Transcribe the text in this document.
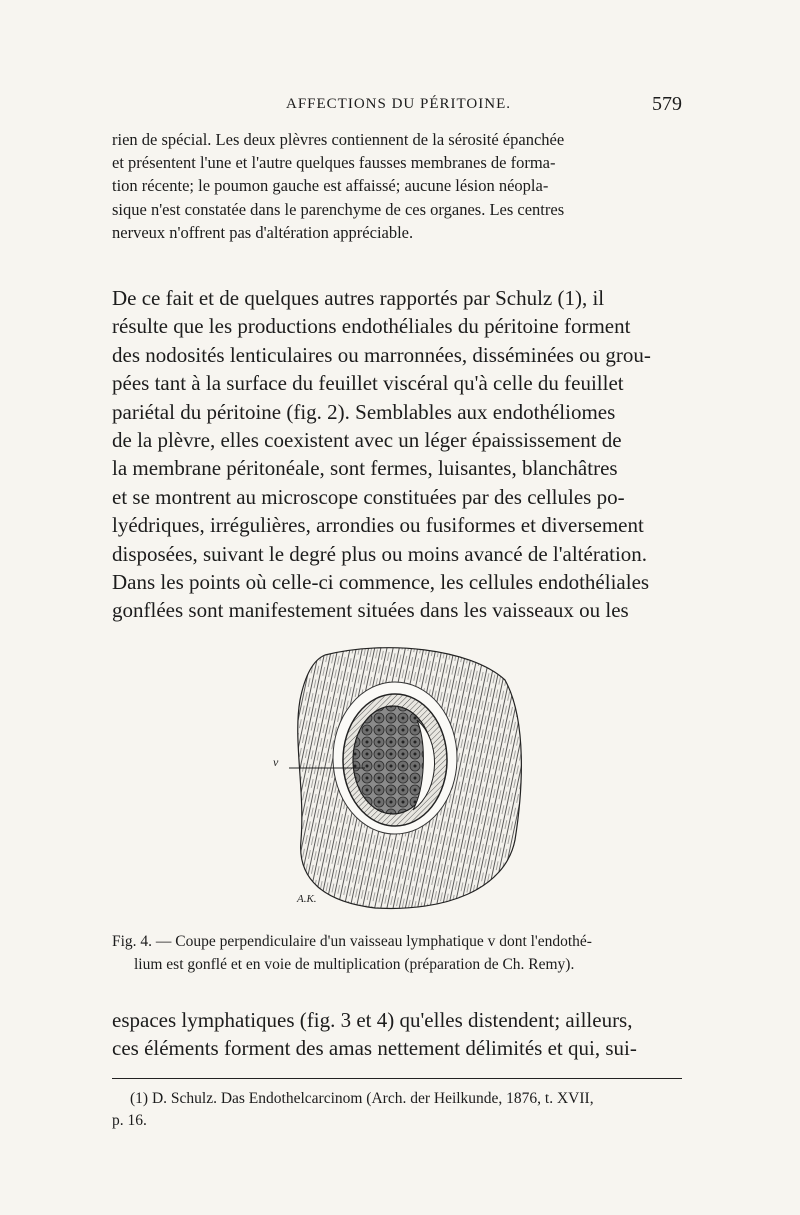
AFFECTIONS DU PÉRITOINE.	579
rien de spécial. Les deux plèvres contiennent de la sérosité épanchée
et présentent l'une et l'autre quelques fausses membranes de forma-
tion récente; le poumon gauche est affaissé; aucune lésion néopla-
sique n'est constatée dans le parenchyme de ces organes. Les centres
nerveux n'offrent pas d'altération appréciable.
De ce fait et de quelques autres rapportés par Schulz (1), il
résulte que les productions endothéliales du péritoine forment
des nodosités lenticulaires ou marronnées, disséminées ou grou-
pées tant à la surface du feuillet viscéral qu'à celle du feuillet
pariétal du péritoine (fig. 2). Semblables aux endothéliomes
de la plèvre, elles coexistent avec un léger épaississement de
la membrane péritonéale, sont fermes, luisantes, blanchâtres
et se montrent au microscope constituées par des cellules po-
lyédriques, irrégulières, arrondies ou fusiformes et diversement
disposées, suivant le degré plus ou moins avancé de l'altération.
Dans les points où celle-ci commence, les cellules endothéliales
gonflées sont manifestement situées dans les vaisseaux ou les
v
A.K.
Fig. 4. — Coupe perpendiculaire d'un vaisseau lymphatique v dont l'endothé-
lium est gonflé et en voie de multiplication (préparation de Ch. Remy).
espaces lymphatiques (fig. 3 et 4) qu'elles distendent; ailleurs,
ces éléments forment des amas nettement délimités et qui, sui-
(1) D. Schulz. Das Endothelcarcinom (Arch. der Heilkunde, 1876, t. XVII,
p. 16.
